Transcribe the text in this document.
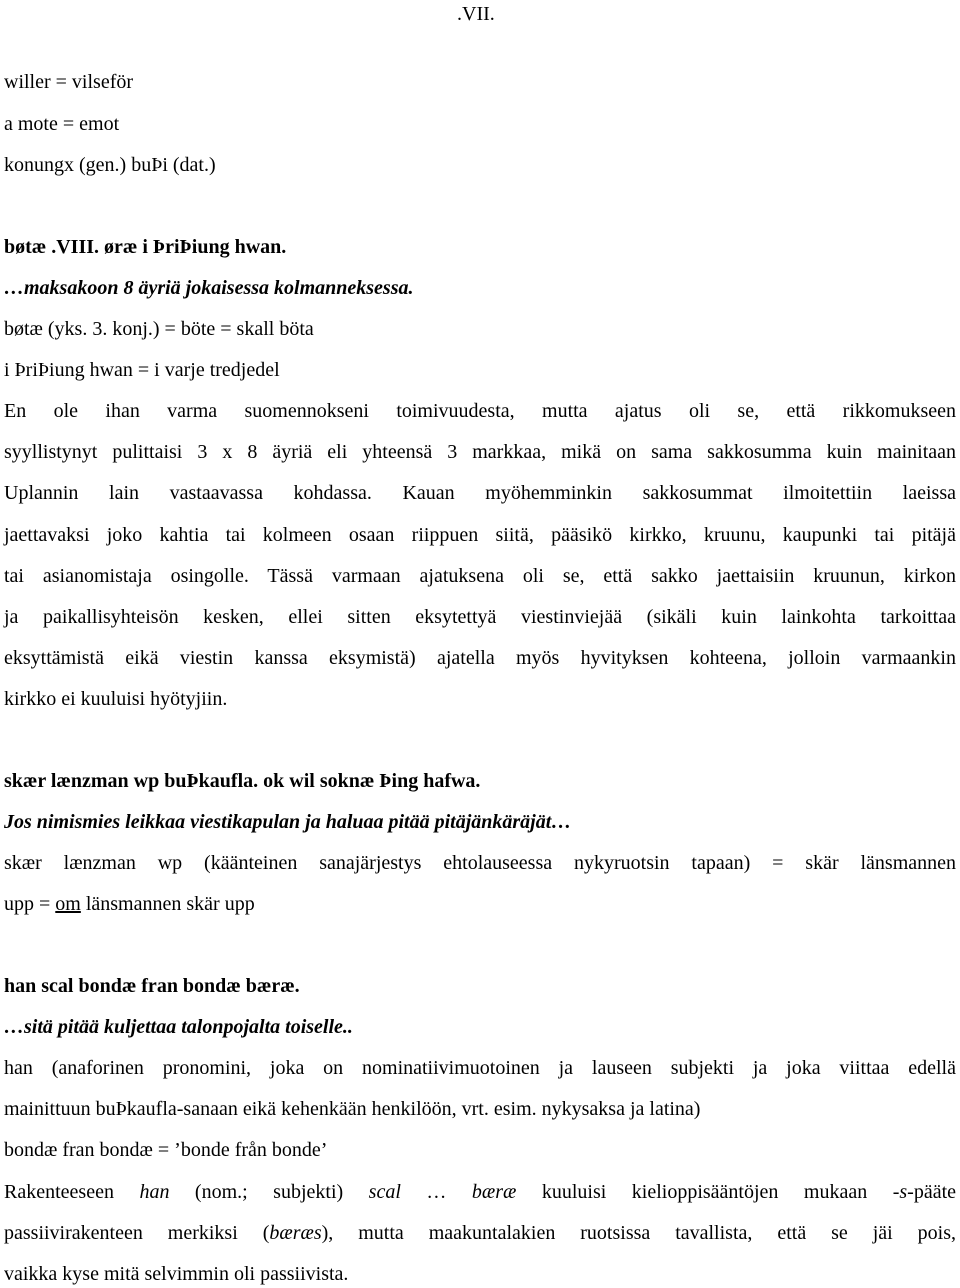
.VII.
willer = vilseför
a mote = emot
konungx (gen.) buÞi (dat.)
bøtæ .VIII. øræ i ÞriÞiung hwan.
…maksakoon 8 äyriä jokaisessa kolmanneksessa.
bøtæ (yks. 3. konj.) = böte = skall böta
i ÞriÞiung hwan = i varje tredjedel
En ole ihan varma suomennokseni toimivuudesta, mutta ajatus oli se, että rikkomukseen
syyllistynyt pulittaisi 3 x 8 äyriä eli yhteensä 3 markkaa, mikä on sama sakkosumma kuin mainitaan
Uplannin lain vastaavassa kohdassa. Kauan myöhemminkin sakkosummat ilmoitettiin laeissa
jaettavaksi joko kahtia tai kolmeen osaan riippuen siitä, pääsikö kirkko, kruunu, kaupunki tai pitäjä
tai asianomistaja osingolle. Tässä varmaan ajatuksena oli se, että sakko jaettaisiin kruunun, kirkon
ja paikallisyhteisön kesken, ellei sitten eksytettyä viestinviejää (sikäli kuin lainkohta tarkoittaa
eksyttämistä eikä viestin kanssa eksymistä) ajatella myös hyvityksen kohteena, jolloin varmaankin
kirkko ei kuuluisi hyötyjiin.
skær lænzman wp buÞkaufla. ok wil soknæ Þing hafwa.
Jos nimismies leikkaa viestikapulan ja haluaa pitää pitäjänkäräjät…
skær lænzman wp (käänteinen sanajärjestys ehtolauseessa nykyruotsin tapaan) = skär länsmannen
upp = om länsmannen skär upp
han scal bondæ fran bondæ bæræ.
…sitä pitää kuljettaa talonpojalta toiselle..
han (anaforinen pronomini, joka on nominatiivimuotoinen ja lauseen subjekti ja joka viittaa edellä
mainittuun buÞkaufla-sanaan eikä kehenkään henkilöön, vrt. esim. nykysaksa ja latina)
bondæ fran bondæ = ’bonde från bonde’
Rakenteeseen han (nom.; subjekti) scal … bæræ kuuluisi kielioppisääntöjen mukaan -s-pääte
passiivirakenteen merkiksi (bæræs), mutta maakuntalakien ruotsissa tavallista, että se jäi pois,
vaikka kyse mitä selvimmin oli passiivista.
